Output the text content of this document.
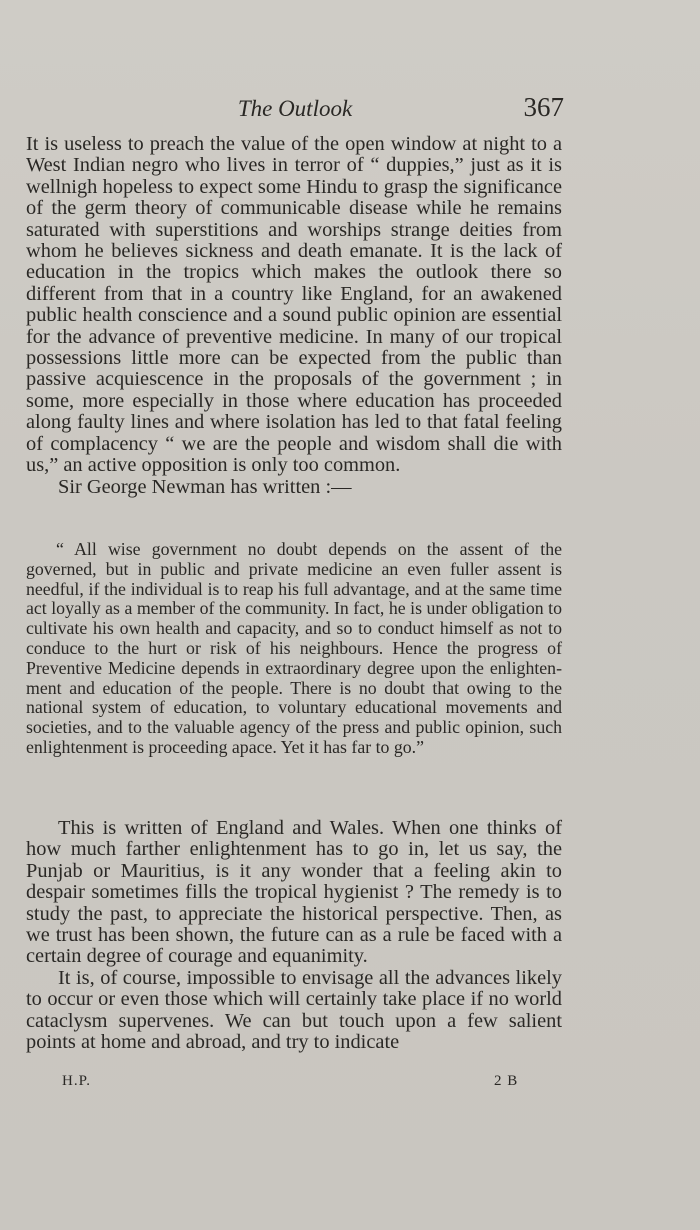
The Outlook	367

It is useless to preach the value of the open window at night to a West Indian negro who lives in terror of “ duppies,” just as it is wellnigh hopeless to expect some Hindu to grasp the significance of the germ theory of communicable disease while he remains saturated with superstitions and worships strange deities from whom he believes sickness and death emanate. It is the lack of education in the tropics which makes the outlook there so different from that in a country like England, for an awakened public health conscience and a sound public opinion are essential for the advance of preventive medicine. In many of our tropical possessions little more can be expected from the public than passive acquiescence in the proposals of the government ; in some, more especially in those where education has proceeded along faulty lines and where isolation has led to that fatal feeling of complacency “ we are the people and wisdom shall die with us,” an active opposition is only too common.

Sir George Newman has written :—

“ All wise government no doubt depends on the assent of the governed, but in public and private medicine an even fuller assent is needful, if the individual is to reap his full advantage, and at the same time act loyally as a member of the community. In fact, he is under obligation to cultivate his own health and capacity, and so to conduct himself as not to conduce to the hurt or risk of his neighbours. Hence the progress of Preventive Medicine depends in extraordinary degree upon the enlightenment and education of the people. There is no doubt that owing to the national system of education, to voluntary educational movements and societies, and to the valuable agency of the press and public opinion, such enlightenment is proceeding apace. Yet it has far to go.”

This is written of England and Wales. When one thinks of how much farther enlightenment has to go in, let us say, the Punjab or Mauritius, is it any wonder that a feeling akin to despair sometimes fills the tropical hygienist ? The remedy is to study the past, to appreciate the historical perspective. Then, as we trust has been shown, the future can as a rule be faced with a certain degree of courage and equanimity.

It is, of course, impossible to envisage all the advances likely to occur or even those which will certainly take place if no world cataclysm supervenes. We can but touch upon a few salient points at home and abroad, and try to indicate

H.P.	2 B
